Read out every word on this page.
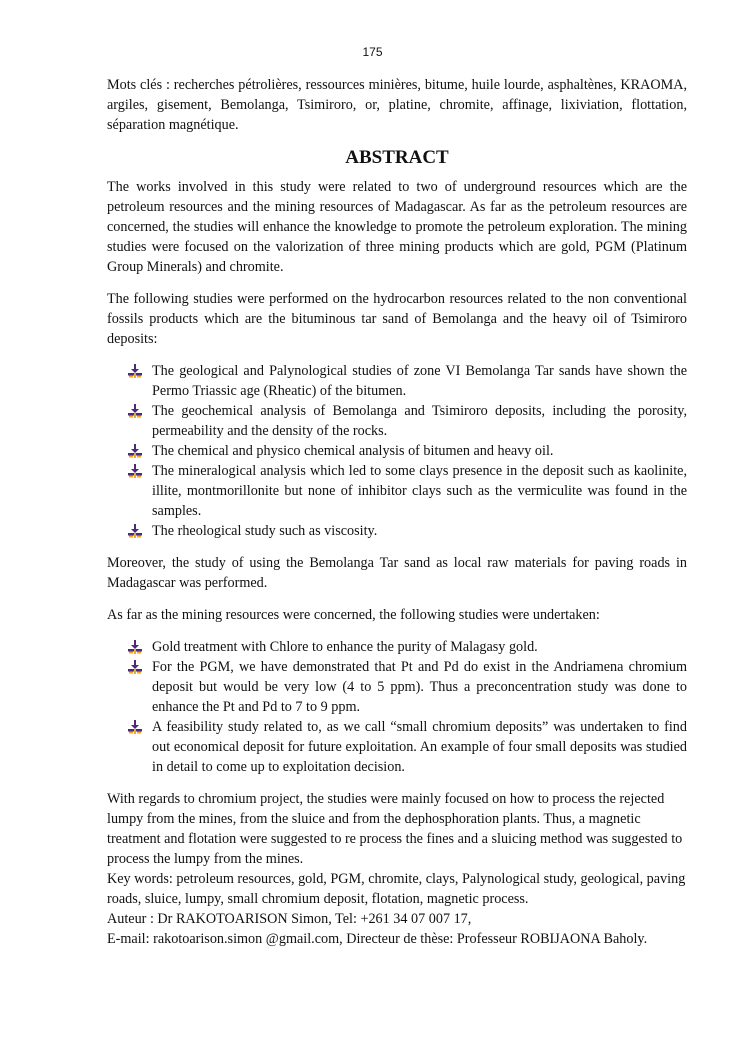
175

Mots clés : recherches pétrolières, ressources minières, bitume, huile lourde, asphaltènes, KRAOMA, argiles, gisement, Bemolanga, Tsimiroro, or, platine, chromite, affinage, lixiviation, flottation, séparation magnétique.

ABSTRACT

The works involved in this study were related to two of underground resources which are the petroleum resources and the mining resources of Madagascar. As far as the petroleum resources are concerned, the studies will enhance the knowledge to promote the petroleum exploration. The mining studies were focused on the valorization of three mining products which are gold, PGM (Platinum Group Minerals) and chromite.

The following studies were performed on the hydrocarbon resources related to the non conventional fossils products which are the bituminous tar sand of Bemolanga and the heavy oil of Tsimiroro deposits:

The geological and Palynological studies of zone VI Bemolanga Tar sands have shown the Permo Triassic age (Rheatic) of the bitumen.
The geochemical analysis of Bemolanga and Tsimiroro deposits, including the porosity, permeability and the density of the rocks.
The chemical and physico chemical analysis of bitumen and heavy oil.
The mineralogical analysis which led to some clays presence in the deposit such as kaolinite, illite, montmorillonite but none of inhibitor clays such as the vermiculite was found in the samples.
The rheological study such as viscosity.

Moreover, the study of using the Bemolanga Tar sand as local raw materials for paving roads in Madagascar was performed.

As far as the mining resources were concerned, the following studies were undertaken:

Gold treatment with Chlore to enhance the purity of Malagasy gold.
For the PGM, we have demonstrated that Pt and Pd do exist in the Andriamena chromium deposit but would be very low (4 to 5 ppm). Thus a preconcentration study was done to enhance the Pt and Pd to 7 to 9 ppm.
A feasibility study related to, as we call “small chromium deposits” was undertaken to find out economical deposit for future exploitation. An example of four small deposits was studied in detail to come up to exploitation decision.

With regards to chromium project, the studies were mainly focused on how to process the rejected lumpy from the mines, from the sluice and from the dephosphoration plants. Thus, a magnetic treatment and flotation were suggested to re process the fines and a sluicing method was suggested to process the lumpy from the mines.

Key words: petroleum resources, gold, PGM, chromite, clays, Palynological study, geological, paving roads, sluice, lumpy, small chromium deposit, flotation, magnetic process.

Auteur : Dr RAKOTOARISON Simon, Tel: +261 34 07 007 17,

E-mail: rakotoarison.simon @gmail.com, Directeur de thèse: Professeur ROBIJAONA Baholy.
